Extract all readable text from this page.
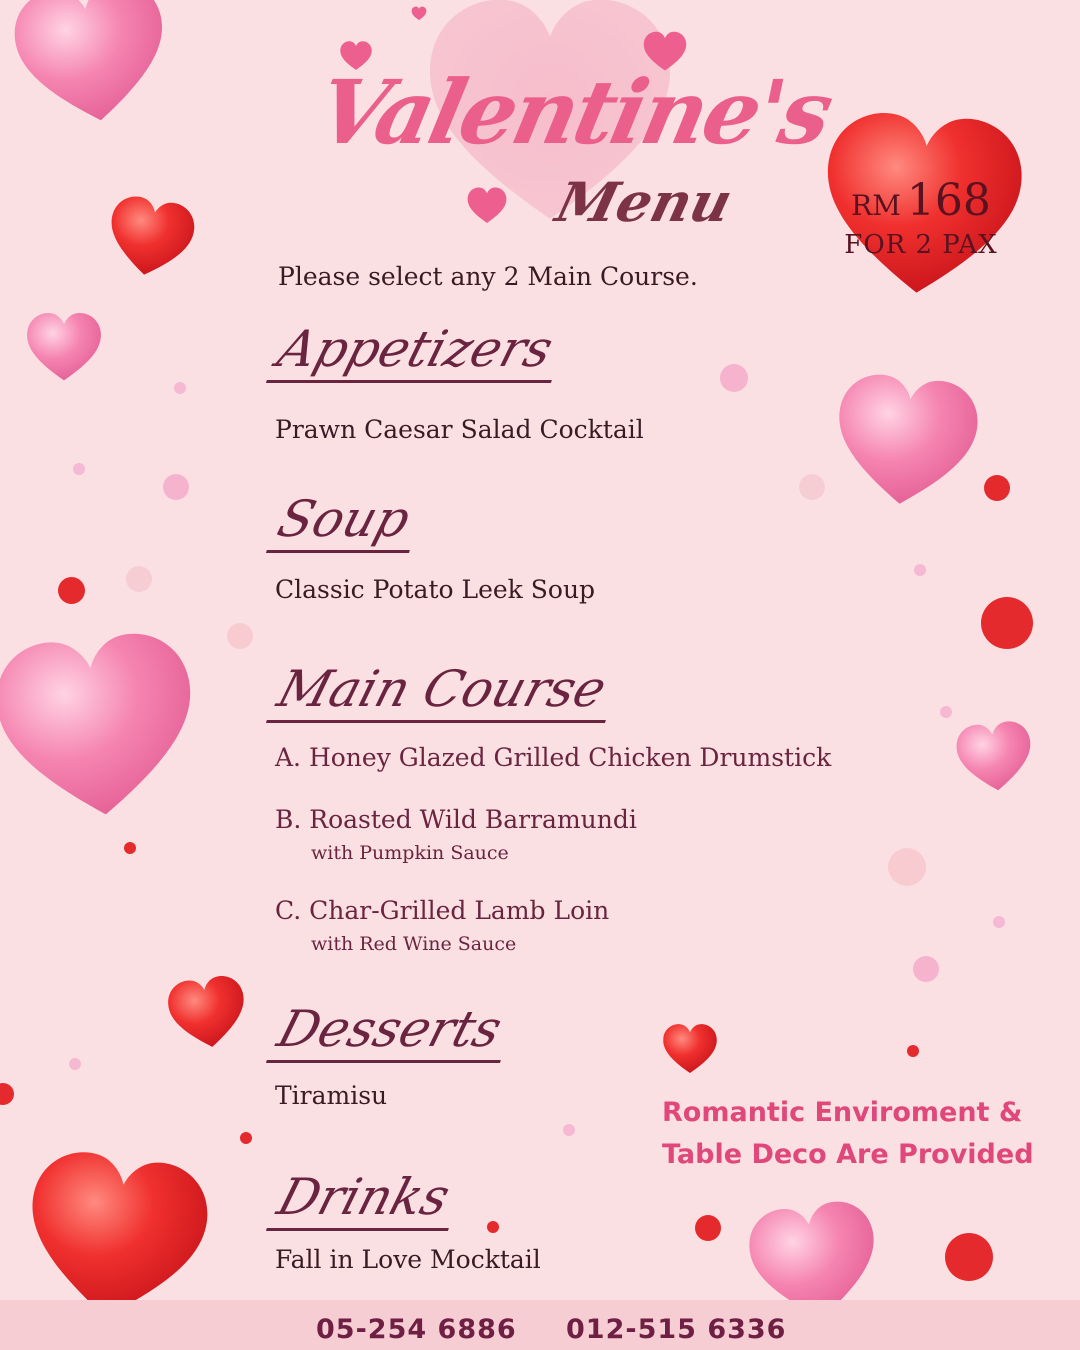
Valentine's
Menu	RM 168
FOR 2 PAX
Please select any 2 Main Course.
Appetizers
Prawn Caesar Salad Cocktail
Soup
Classic Potato Leek Soup
Main Course
A. Honey Glazed Grilled Chicken Drumstick
B. Roasted Wild Barramundi
with Pumpkin Sauce
C. Char-Grilled Lamb Loin
with Red Wine Sauce
Desserts
Tiramisu
Drinks
Fall in Love Mocktail
Romantic Enviroment &
Table Deco Are Provided
05-254 6886 012-515 6336
